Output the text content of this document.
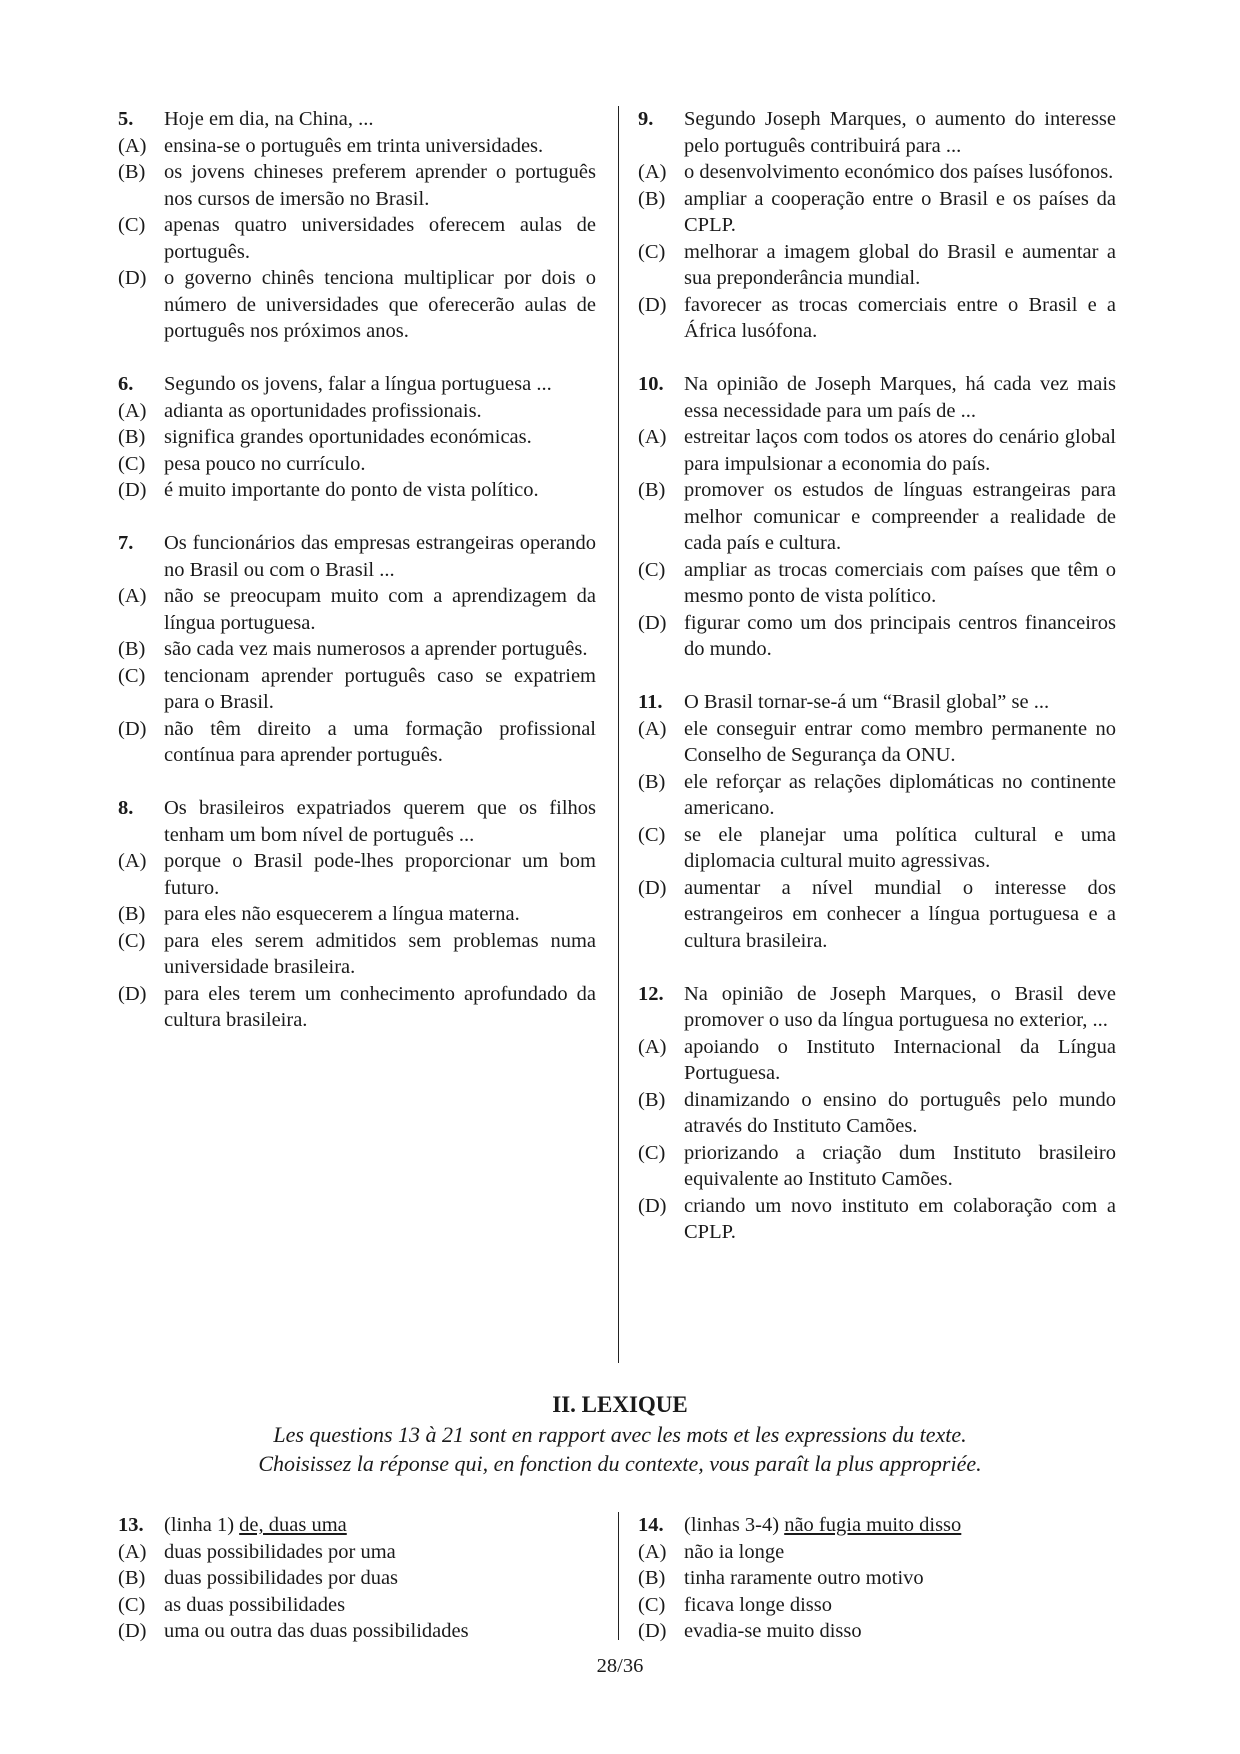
5.	Hoje em dia, na China, ...
(A) ensina-se o português em trinta universidades.
(B) os jovens chineses preferem aprender o português nos cursos de imersão no Brasil.
(C) apenas quatro universidades oferecem aulas de português.
(D) o governo chinês tenciona multiplicar por dois o número de universidades que oferecerão aulas de português nos próximos anos.
6.	Segundo os jovens, falar a língua portuguesa ...
(A) adianta as oportunidades profissionais.
(B) significa grandes oportunidades económicas.
(C) pesa pouco no currículo.
(D) é muito importante do ponto de vista político.
7.	Os funcionários das empresas estrangeiras operando no Brasil ou com o Brasil ...
(A) não se preocupam muito com a aprendizagem da língua portuguesa.
(B) são cada vez mais numerosos a aprender português.
(C) tencionam aprender português caso se expatriem para o Brasil.
(D) não têm direito a uma formação profissional contínua para aprender português.
8.	Os brasileiros expatriados querem que os filhos tenham um bom nível de português ...
(A) porque o Brasil pode-lhes proporcionar um bom futuro.
(B) para eles não esquecerem a língua materna.
(C) para eles serem admitidos sem problemas numa universidade brasileira.
(D) para eles terem um conhecimento aprofundado da cultura brasileira.
9.	Segundo Joseph Marques, o aumento do interesse pelo português contribuirá para ...
(A) o desenvolvimento económico dos países lusófonos.
(B) ampliar a cooperação entre o Brasil e os países da CPLP.
(C) melhorar a imagem global do Brasil e aumentar a sua preponderância mundial.
(D) favorecer as trocas comerciais entre o Brasil e a África lusófona.
10. Na opinião de Joseph Marques, há cada vez mais essa necessidade para um país de ...
(A) estreitar laços com todos os atores do cenário global para impulsionar a economia do país.
(B) promover os estudos de línguas estrangeiras para melhor comunicar e compreender a realidade de cada país e cultura.
(C) ampliar as trocas comerciais com países que têm o mesmo ponto de vista político.
(D) figurar como um dos principais centros financeiros do mundo.
11.	O Brasil tornar-se-á um “Brasil global” se ...
(A) ele conseguir entrar como membro permanente no Conselho de Segurança da ONU.
(B) ele reforçar as relações diplomáticas no continente americano.
(C) se ele planejar uma política cultural e uma diplomacia cultural muito agressivas.
(D) aumentar a nível mundial o interesse dos estrangeiros em conhecer a língua portuguesa e a cultura brasileira.
12. Na opinião de Joseph Marques, o Brasil deve promover o uso da língua portuguesa no exterior, ...
(A) apoiando o Instituto Internacional da Língua Portuguesa.
(B) dinamizando o ensino do português pelo mundo através do Instituto Camões.
(C) priorizando a criação dum Instituto brasileiro equivalente ao Instituto Camões.
(D) criando um novo instituto em colaboração com a CPLP.
II. LEXIQUE
Les questions 13 à 21 sont en rapport avec les mots et les expressions du texte.
Choisissez la réponse qui, en fonction du contexte, vous paraît la plus appropriée.
13. (linha 1) de, duas uma
(A) duas possibilidades por uma
(B) duas possibilidades por duas
(C) as duas possibilidades
(D) uma ou outra das duas possibilidades
14. (linhas 3-4) não fugia muito disso
(A) não ia longe
(B) tinha raramente outro motivo
(C) ficava longe disso
(D) evadia-se muito disso
28/36
